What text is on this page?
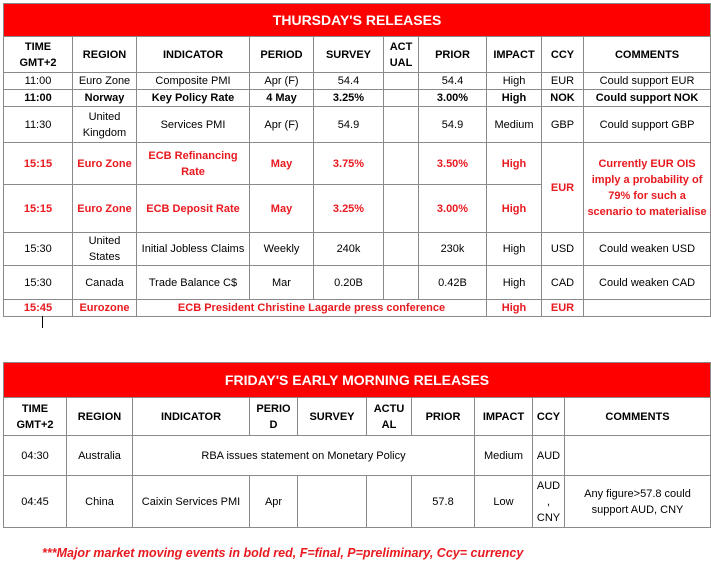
THURSDAY'S RELEASES									
TIME GMT+2	REGION	INDICATOR	PERIOD	SURVEY	ACT UAL	PRIOR	IMPACT	CCY	COMMENTS
11:00	Euro Zone	Composite PMI	Apr (F)	54.4		54.4	High	EUR	Could support EUR
11:00	Norway	Key Policy Rate	4 May	3.25%		3.00%	High	NOK	Could support NOK
11:30	United Kingdom	Services PMI	Apr (F)	54.9		54.9	Medium	GBP	Could support GBP
15:15	Euro Zone	ECB Refinancing Rate	May	3.75%		3.50%	High	EUR	Currently EUR OIS imply a probability of 79% for such a scenario to materialise
15:15	Euro Zone	ECB Deposit Rate	May	3.25%		3.00%	High		
15:30	United States	Initial Jobless Claims	Weekly	240k		230k	High	USD	Could weaken USD
15:30	Canada	Trade Balance C$	Mar	0.20B		0.42B	High	CAD	Could weaken CAD
15:45	Eurozone	ECB President Christine Lagarde press conference					High	EUR	
FRIDAY'S EARLY MORNING RELEASES									
TIME GMT+2	REGION	INDICATOR	PERIO D	SURVEY	ACTU AL	PRIOR	IMPACT	CCY	COMMENTS
04:30	Australia	RBA issues statement on Monetary Policy					Medium	AUD	
04:45	China	Caixin Services PMI	Apr			57.8	Low	AUD , CNY	Any figure>57.8 could support AUD, CNY
***Major market moving events in bold red, F=final, P=preliminary, Ccy= currency
